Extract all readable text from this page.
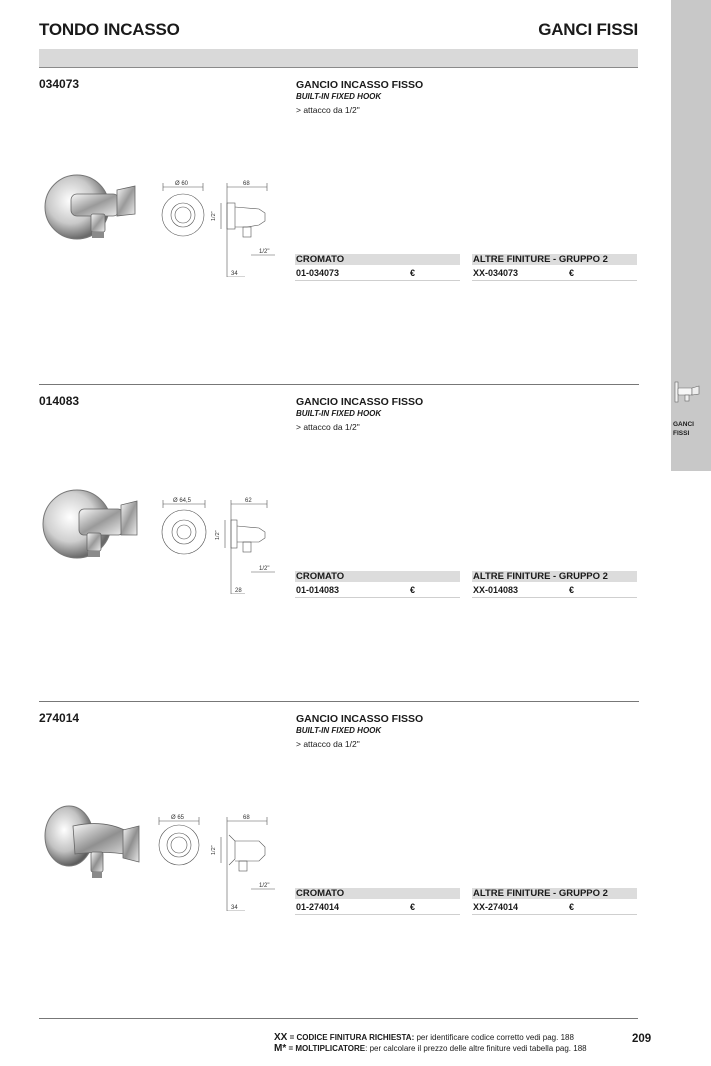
TONDO INCASSO	GANCI FISSI
GANCI
FISSI
034073	GANCIO INCASSO FISSO
BUILT-IN FIXED HOOK
> attacco da 1/2"
Ø 60	68
1/2"
34
1/2"
CROMATO
01-034073	€
ALTRE FINITURE - GRUPPO 2
XX-034073	€
014083	GANCIO INCASSO FISSO
BUILT-IN FIXED HOOK
> attacco da 1/2"
Ø 64,5	62
1/2"
28
1/2"
CROMATO
01-014083	€
ALTRE FINITURE - GRUPPO 2
XX-014083	€
274014	GANCIO INCASSO FISSO
BUILT-IN FIXED HOOK
> attacco da 1/2"
Ø 65	68
1/2"
34
1/2"
CROMATO
01-274014	€
ALTRE FINITURE - GRUPPO 2
XX-274014	€
XX = CODICE FINITURA RICHIESTA: per identificare codice corretto vedi pag. 188
M* = MOLTIPLICATORE: per calcolare il prezzo delle altre finiture vedi tabella pag. 188
209
